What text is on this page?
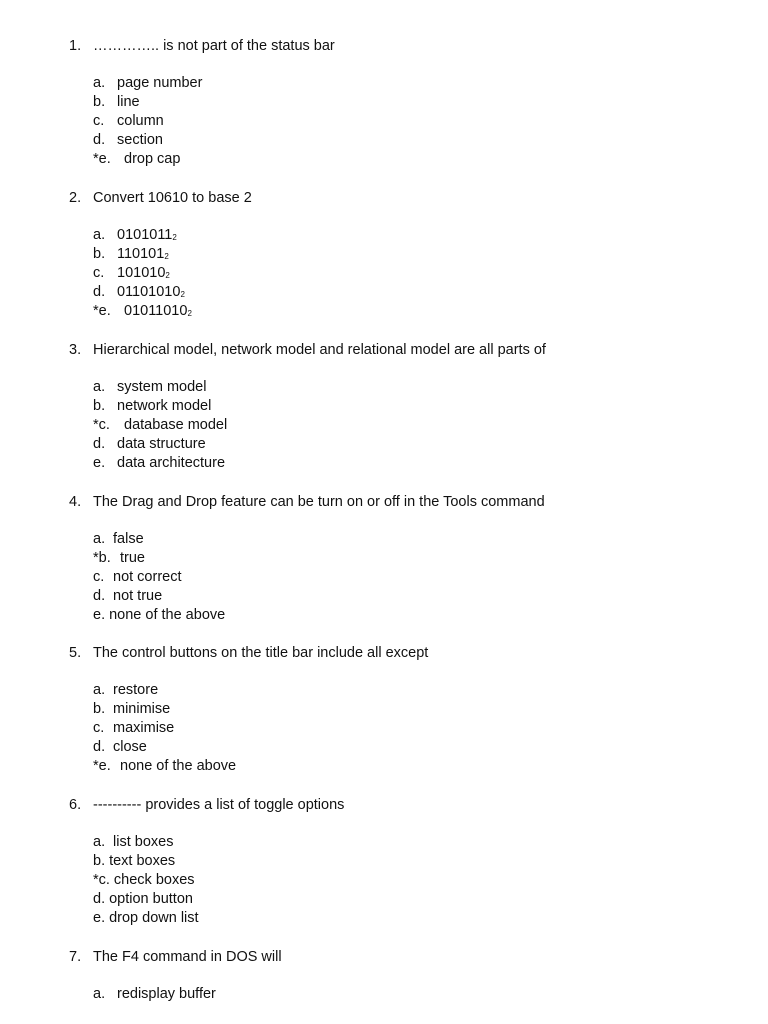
1. ………….. is not part of the status bar
a. page number
b. line
c. column
d. section
*e. drop cap
2. Convert 10610 to base 2
a. $0101011_2$
b. $110101_2$
c. $101010_2$
d. $01101010_2$
*e. $01011010_2$
3. Hierarchical model, network model and relational model are all parts of
a. system model
b. network model
*c. database model
d. data structure
e. data architecture
4. The Drag and Drop feature can be turn on or off in the Tools command
a. false
*b. true
c. not correct
d. not true
e. none of the above
5. The control buttons on the title bar include all except
a. restore
b. minimise
c. maximise
d. close
*e. none of the above
6. ---------- provides a list of toggle options
a. list boxes
b. text boxes
*c. check boxes
d. option button
e. drop down list
7. The F4 command in DOS will
a. redisplay buffer
